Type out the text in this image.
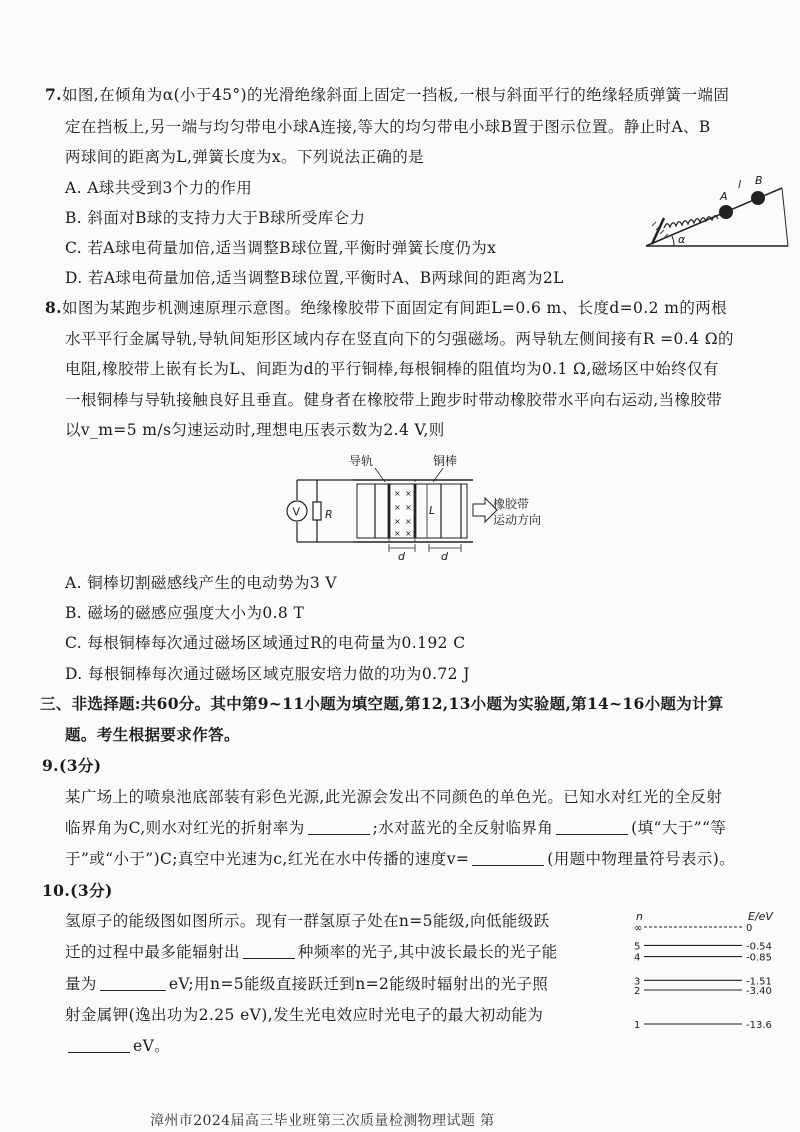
7.如图,在倾角为α(小于45°)的光滑绝缘斜面上固定一挡板,一根与斜面平行的绝缘轻质弹簧一端固
定在挡板上,另一端与均匀带电小球A连接,等大的均匀带电小球B置于图示位置。静止时A、B
两球间的距离为L,弹簧长度为x。下列说法正确的是
A. A球共受到3个力的作用
B. 斜面对B球的支持力大于B球所受库仑力
C. 若A球电荷量加倍,适当调整B球位置,平衡时弹簧长度仍为x
D. 若A球电荷量加倍,适当调整B球位置,平衡时A、B两球间的距离为2L
A
B
l
α
8.如图为某跑步机测速原理示意图。绝缘橡胶带下面固定有间距L=0.6 m、长度d=0.2 m的两根
水平平行金属导轨,导轨间矩形区域内存在竖直向下的匀强磁场。两导轨左侧间接有R =0.4 Ω的
电阻,橡胶带上嵌有长为L、间距为d的平行铜棒,每根铜棒的阻值均为0.1 Ω,磁场区中始终仅有
一根铜棒与导轨接触良好且垂直。健身者在橡胶带上跑步时带动橡胶带水平向右运动,当橡胶带
以v_m=5 m/s匀速运动时,理想电压表示数为2.4 V,则
导轨	铜棒
V R
× ×
× ×
× ×
× ×
L
d	d
橡胶带
运动方向
A. 铜棒切割磁感线产生的电动势为3 V
B. 磁场的磁感应强度大小为0.8 T
C. 每根铜棒每次通过磁场区域通过R的电荷量为0.192 C
D. 每根铜棒每次通过磁场区域克服安培力做的功为0.72 J
三、非选择题:共60分。其中第9~11小题为填空题,第12,13小题为实验题,第14~16小题为计算
题。考生根据要求作答。
9.(3分)
某广场上的喷泉池底部装有彩色光源,此光源会发出不同颜色的单色光。已知水对红光的全反射
临界角为C,则水对红光的折射率为	;水对蓝光的全反射临界角	(填“大于”“等
于”或“小于”)C;真空中光速为c,红光在水中传播的速度v=	(用题中物理量符号表示)。
10.(3分)
氢原子的能级图如图所示。现有一群氢原子处在n=5能级,向低能级跃
迁的过程中最多能辐射出	种频率的光子,其中波长最长的光子能
量为	eV;用n=5能级直接跃迁到n=2能级时辐射出的光子照
射金属钾(逸出功为2.25 eV),发生光电效应时光电子的最大初动能为
eV。
n	E/eV
∞	0
5	-0.54
4	-0.85
3	-1.51
2	-3.40
1	-13.6
漳州市2024届高三毕业班第三次质量检测物理试题 第
